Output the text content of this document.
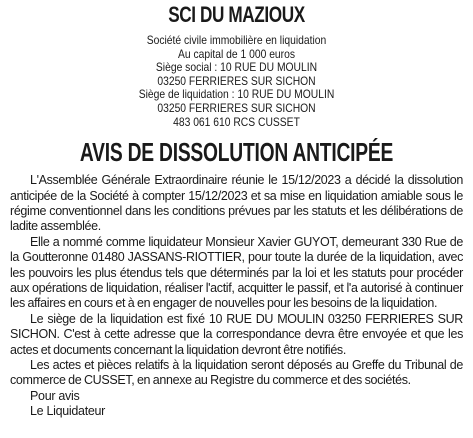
SCI DU MAZIOUX
Société civile immobilière en liquidation
Au capital de 1 000 euros
Siège social : 10 RUE DU MOULIN
03250 FERRIERES SUR SICHON
Siège de liquidation : 10 RUE DU MOULIN
03250 FERRIERES SUR SICHON
483 061 610 RCS CUSSET
AVIS DE DISSOLUTION ANTICIPÉE

L'Assemblée Générale Extraordinaire réunie le 15/12/2023 a décidé la dissolution anticipée de la Société à compter 15/12/2023 et sa mise en liquidation amiable sous le régime conventionnel dans les conditions prévues par les statuts et les délibérations de ladite assemblée.

Elle a nommé comme liquidateur Monsieur Xavier GUYOT, demeurant 330 Rue de la Goutteronne 01480 JASSANS-RIOTTIER, pour toute la durée de la liquidation, avec les pouvoirs les plus étendus tels que déterminés par la loi et les statuts pour procéder aux opérations de liquidation, réaliser l'actif, acquitter le passif, et l'a autorisé à continuer les affaires en cours et à en engager de nouvelles pour les besoins de la liquidation.

Le siège de la liquidation est fixé 10 RUE DU MOULIN 03250 FERRIERES SUR SICHON. C'est à cette adresse que la correspondance devra être envoyée et que les actes et documents concernant la liquidation devront être notifiés.

Les actes et pièces relatifs à la liquidation seront déposés au Greffe du Tribunal de commerce de CUSSET, en annexe au Registre du commerce et des sociétés.

Pour avis

Le Liquidateur
